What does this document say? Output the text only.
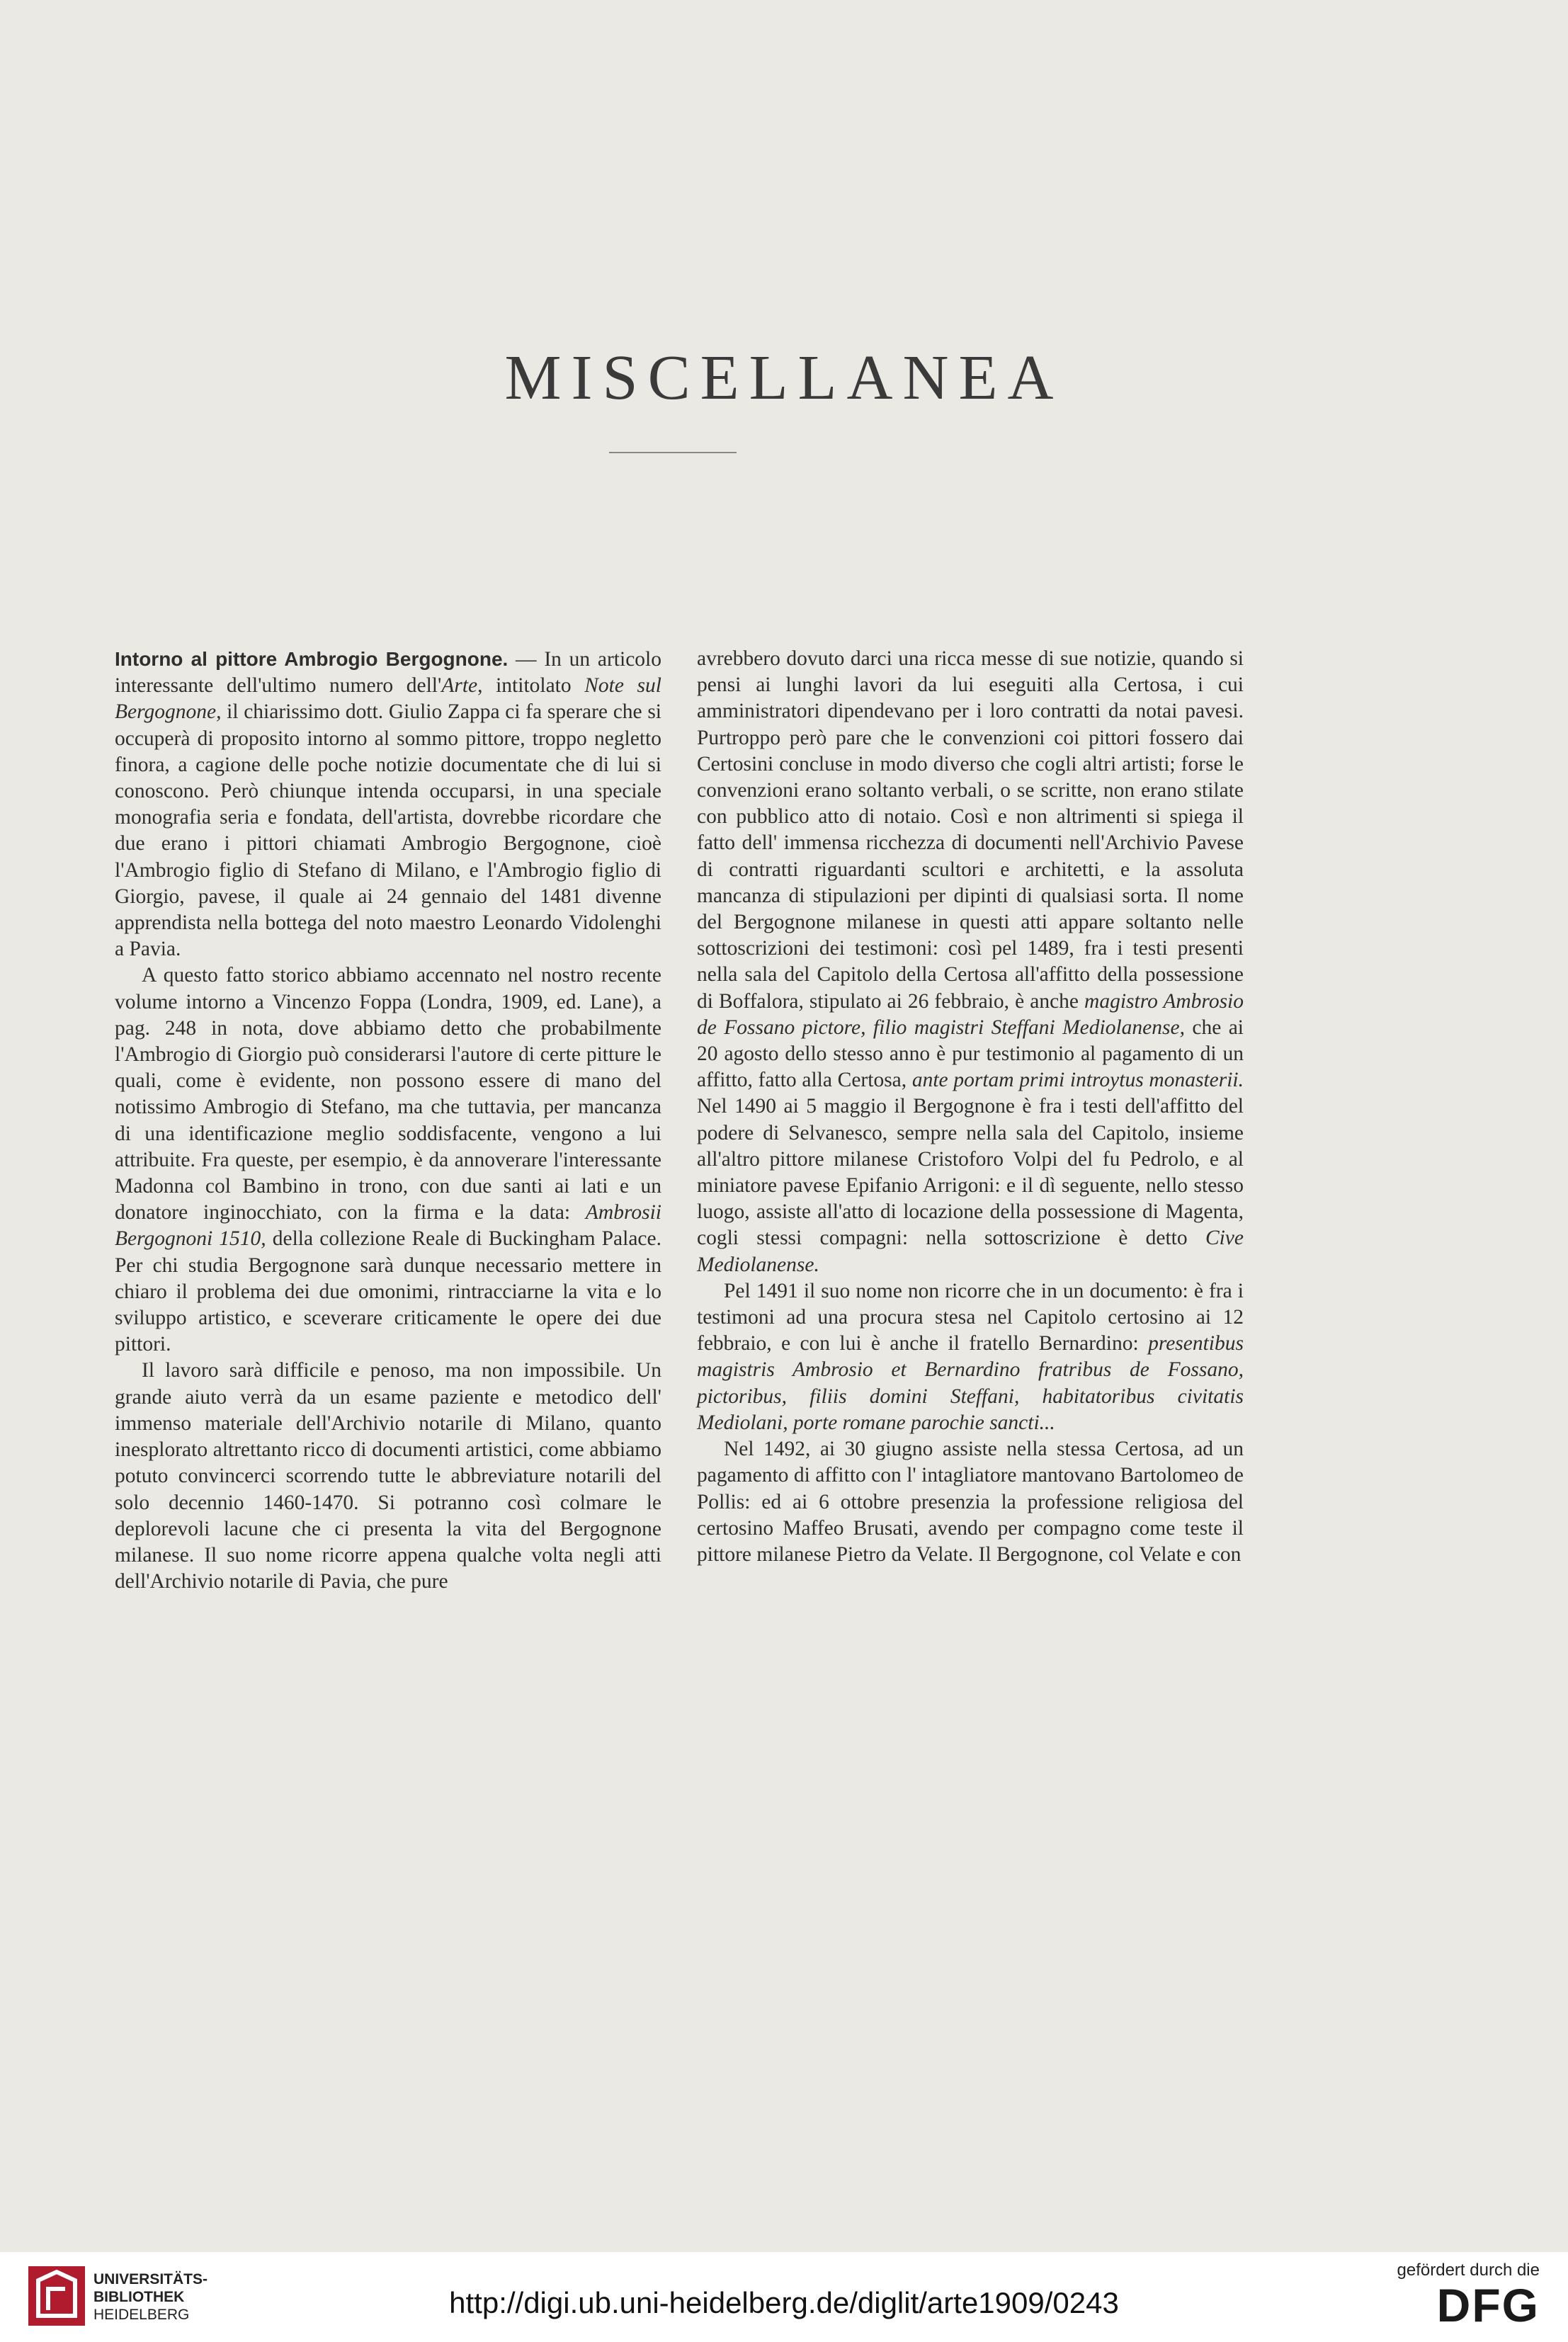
MISCELLANEA

Intorno al pittore Ambrogio Bergognone. — In un articolo interessante dell'ultimo numero dell'Arte, intitolato Note sul Bergognone, il chiarissimo dott. Giulio Zappa ci fa sperare che si occuperà di proposito intorno al sommo pittore, troppo negletto finora, a cagione delle poche notizie documentate che di lui si conoscono. Però chiunque intenda occuparsi, in una speciale monografia seria e fondata, dell'artista, dovrebbe ricordare che due erano i pittori chiamati Ambrogio Bergognone, cioè l'Ambrogio figlio di Stefano di Milano, e l'Ambrogio figlio di Giorgio, pavese, il quale ai 24 gennaio del 1481 divenne apprendista nella bottega del noto maestro Leonardo Vidolenghi a Pavia.

A questo fatto storico abbiamo accennato nel nostro recente volume intorno a Vincenzo Foppa (Londra, 1909, ed. Lane), a pag. 248 in nota, dove abbiamo detto che probabilmente l'Ambrogio di Giorgio può considerarsi l'autore di certe pitture le quali, come è evidente, non possono essere di mano del notissimo Ambrogio di Stefano, ma che tuttavia, per mancanza di una identificazione meglio soddisfacente, vengono a lui attribuite. Fra queste, per esempio, è da annoverare l'interessante Madonna col Bambino in trono, con due santi ai lati e un donatore inginocchiato, con la firma e la data: Ambrosii Bergognoni 1510, della collezione Reale di Buckingham Palace. Per chi studia Bergognone sarà dunque necessario mettere in chiaro il problema dei due omonimi, rintracciarne la vita e lo sviluppo artistico, e sceverare criticamente le opere dei due pittori.

Il lavoro sarà difficile e penoso, ma non impossibile. Un grande aiuto verrà da un esame paziente e metodico dell' immenso materiale dell'Archivio notarile di Milano, quanto inesplorato altrettanto ricco di documenti artistici, come abbiamo potuto convincerci scorrendo tutte le abbreviature notarili del solo decennio 1460-1470. Si potranno così colmare le deplorevoli lacune che ci presenta la vita del Bergognone milanese. Il suo nome ricorre appena qualche volta negli atti dell'Archivio notarile di Pavia, che pure

avrebbero dovuto darci una ricca messe di sue notizie, quando si pensi ai lunghi lavori da lui eseguiti alla Certosa, i cui amministratori dipendevano per i loro contratti da notai pavesi. Purtroppo però pare che le convenzioni coi pittori fossero dai Certosini concluse in modo diverso che cogli altri artisti; forse le convenzioni erano soltanto verbali, o se scritte, non erano stilate con pubblico atto di notaio. Così e non altrimenti si spiega il fatto dell' immensa ricchezza di documenti nell'Archivio Pavese di contratti riguardanti scultori e architetti, e la assoluta mancanza di stipulazioni per dipinti di qualsiasi sorta. Il nome del Bergognone milanese in questi atti appare soltanto nelle sottoscrizioni dei testimoni: così pel 1489, fra i testi presenti nella sala del Capitolo della Certosa all'affitto della possessione di Boffalora, stipulato ai 26 febbraio, è anche magistro Ambrosio de Fossano pictore, filio magistri Steffani Mediolanense, che ai 20 agosto dello stesso anno è pur testimonio al pagamento di un affitto, fatto alla Certosa, ante portam primi introytus monasterii. Nel 1490 ai 5 maggio il Bergognone è fra i testi dell'affitto del podere di Selvanesco, sempre nella sala del Capitolo, insieme all'altro pittore milanese Cristoforo Volpi del fu Pedrolo, e al miniatore pavese Epifanio Arrigoni: e il dì seguente, nello stesso luogo, assiste all'atto di locazione della possessione di Magenta, cogli stessi compagni: nella sottoscrizione è detto Cive Mediolanense.

Pel 1491 il suo nome non ricorre che in un documento: è fra i testimoni ad una procura stesa nel Capitolo certosino ai 12 febbraio, e con lui è anche il fratello Bernardino: presentibus magistris Ambrosio et Bernardino fratribus de Fossano, pictoribus, filiis domini Steffani, habitatoribus civitatis Mediolani, porte romane parochie sancti...

Nel 1492, ai 30 giugno assiste nella stessa Certosa, ad un pagamento di affitto con l' intagliatore mantovano Bartolomeo de Pollis: ed ai 6 ottobre presenzia la professione religiosa del certosino Maffeo Brusati, avendo per compagno come teste il pittore milanese Pietro da Velate. Il Bergognone, col Velate e con

UNIVERSITÄTS-
BIBLIOTHEK
HEIDELBERG	http://digi.ub.uni-heidelberg.de/diglit/arte1909/0243
gefördert durch die
DFG
